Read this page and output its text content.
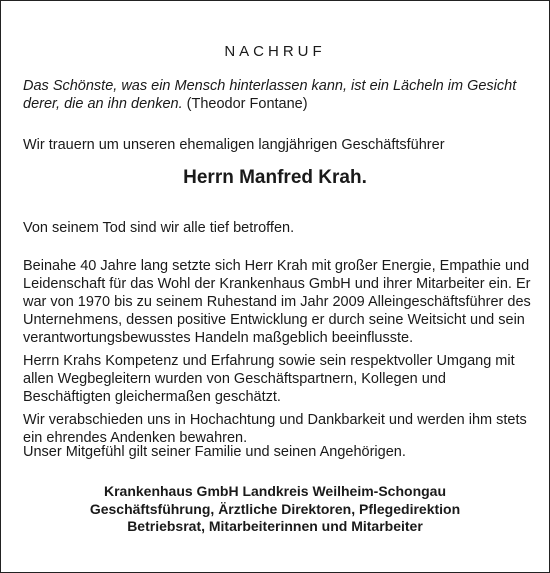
NACHRUF
Das Schönste, was ein Mensch hinterlassen kann, ist ein Lächeln im Gesicht derer, die an ihn denken. (Theodor Fontane)
Wir trauern um unseren ehemaligen langjährigen Geschäftsführer
Herrn Manfred Krah.

Von seinem Tod sind wir alle tief betroffen.

Beinahe 40 Jahre lang setzte sich Herr Krah mit großer Energie, Empathie und Leidenschaft für das Wohl der Krankenhaus GmbH und ihrer Mitarbeiter ein. Er war von 1970 bis zu seinem Ruhestand im Jahr 2009 Alleingeschäftsführer des Unternehmens, dessen positive Entwicklung er durch seine Weitsicht und sein verantwortungsbewusstes Handeln maßgeblich beeinflusste.

Herrn Krahs Kompetenz und Erfahrung sowie sein respektvoller Umgang mit allen Wegbegleitern wurden von Geschäftspartnern, Kollegen und Beschäftigten gleichermaßen geschätzt.

Wir verabschieden uns in Hochachtung und Dankbarkeit und werden ihm stets ein ehrendes Andenken bewahren.

Unser Mitgefühl gilt seiner Familie und seinen Angehörigen.
Krankenhaus GmbH Landkreis Weilheim-Schongau
Geschäftsführung, Ärztliche Direktoren, Pflegedirektion
Betriebsrat, Mitarbeiterinnen und Mitarbeiter
